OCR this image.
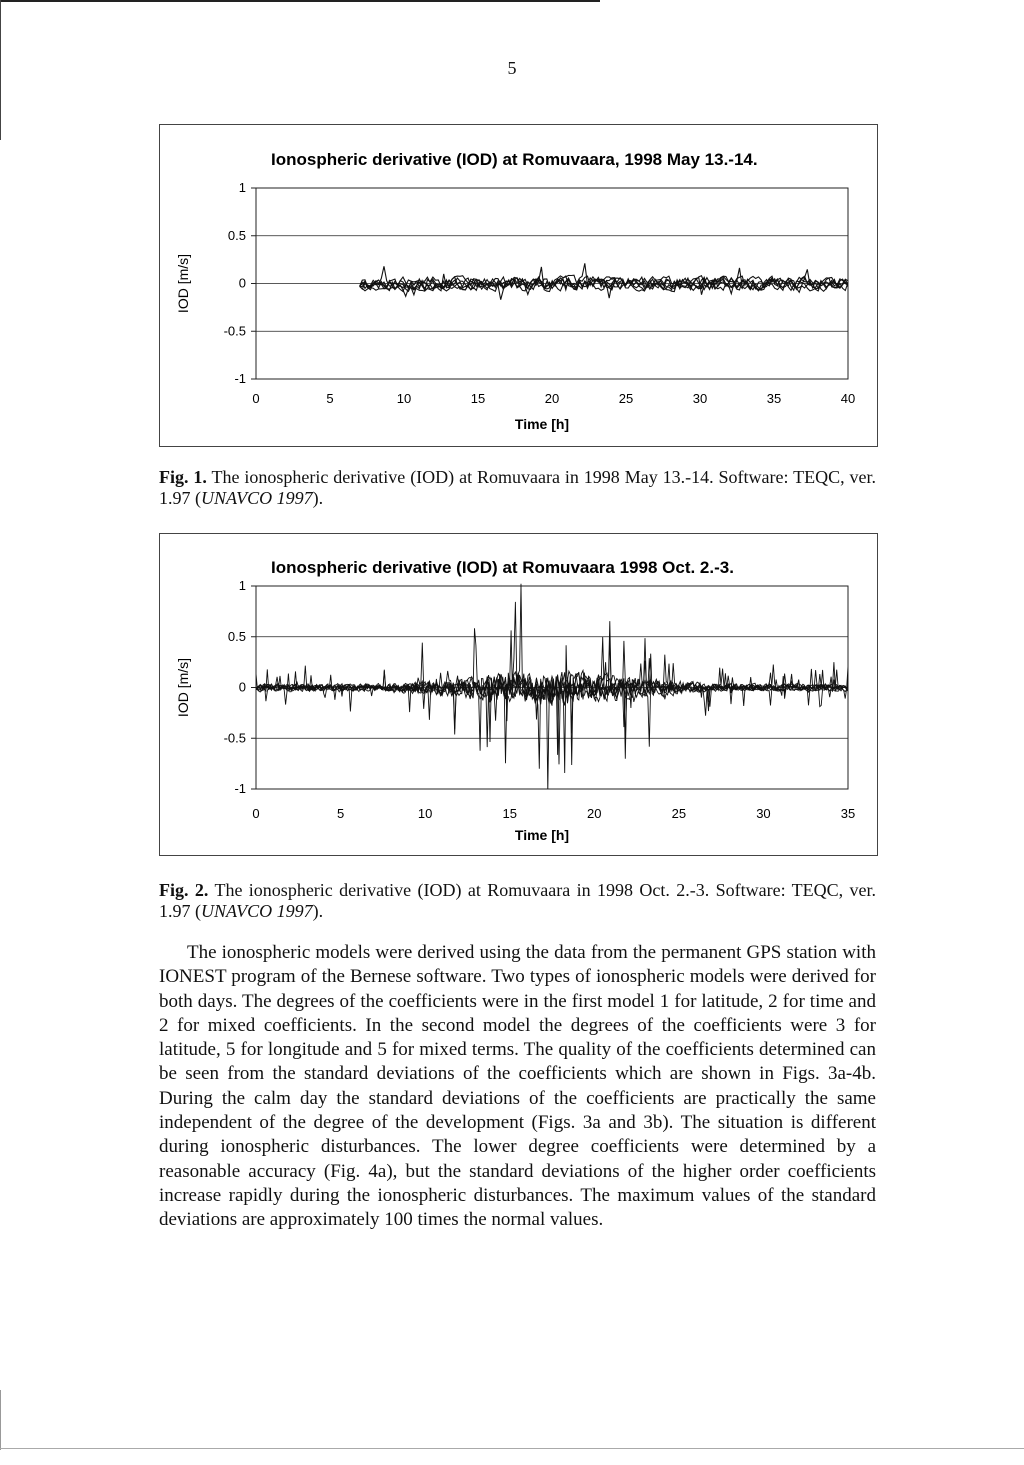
5
Ionospheric derivative (IOD) at Romuvaara, 1998 May 13.-14.
1
0.5
0
-0.5
-1
0	5	10	15	20	25	30	35	40
Time [h]
IOD [m/s]
Fig. 1. The ionospheric derivative (IOD) at Romuvaara in 1998 May 13.-14. Software: TEQC, ver. 1.97 (UNAVCO 1997).
Ionospheric derivative (IOD) at Romuvaara 1998 Oct. 2.-3.
1
0.5
0
-0.5
-1
0	5	10	15	20	25	30	35
Time [h]
IOD [m/s]
Fig. 2. The ionospheric derivative (IOD) at Romuvaara in 1998 Oct. 2.-3. Software: TEQC, ver. 1.97 (UNAVCO 1997).

The ionospheric models were derived using the data from the permanent GPS station with IONEST program of the Bernese software. Two types of ionospheric models were derived for both days. The degrees of the coefficients were in the first model 1 for latitude, 2 for time and 2 for mixed coefficients. In the second model the degrees of the coefficients were 3 for latitude, 5 for longitude and 5 for mixed terms. The quality of the coefficients determined can be seen from the standard deviations of the coefficients which are shown in Figs. 3a-4b. During the calm day the standard deviations of the coefficients are practically the same independent of the degree of the development (Figs. 3a and 3b). The situation is different during ionospheric disturbances. The lower degree coefficients were determined by a reasonable accuracy (Fig. 4a), but the standard deviations of the higher order coefficients increase rapidly during the ionospheric disturbances. The maximum values of the standard deviations are approximately 100 times the normal values.
